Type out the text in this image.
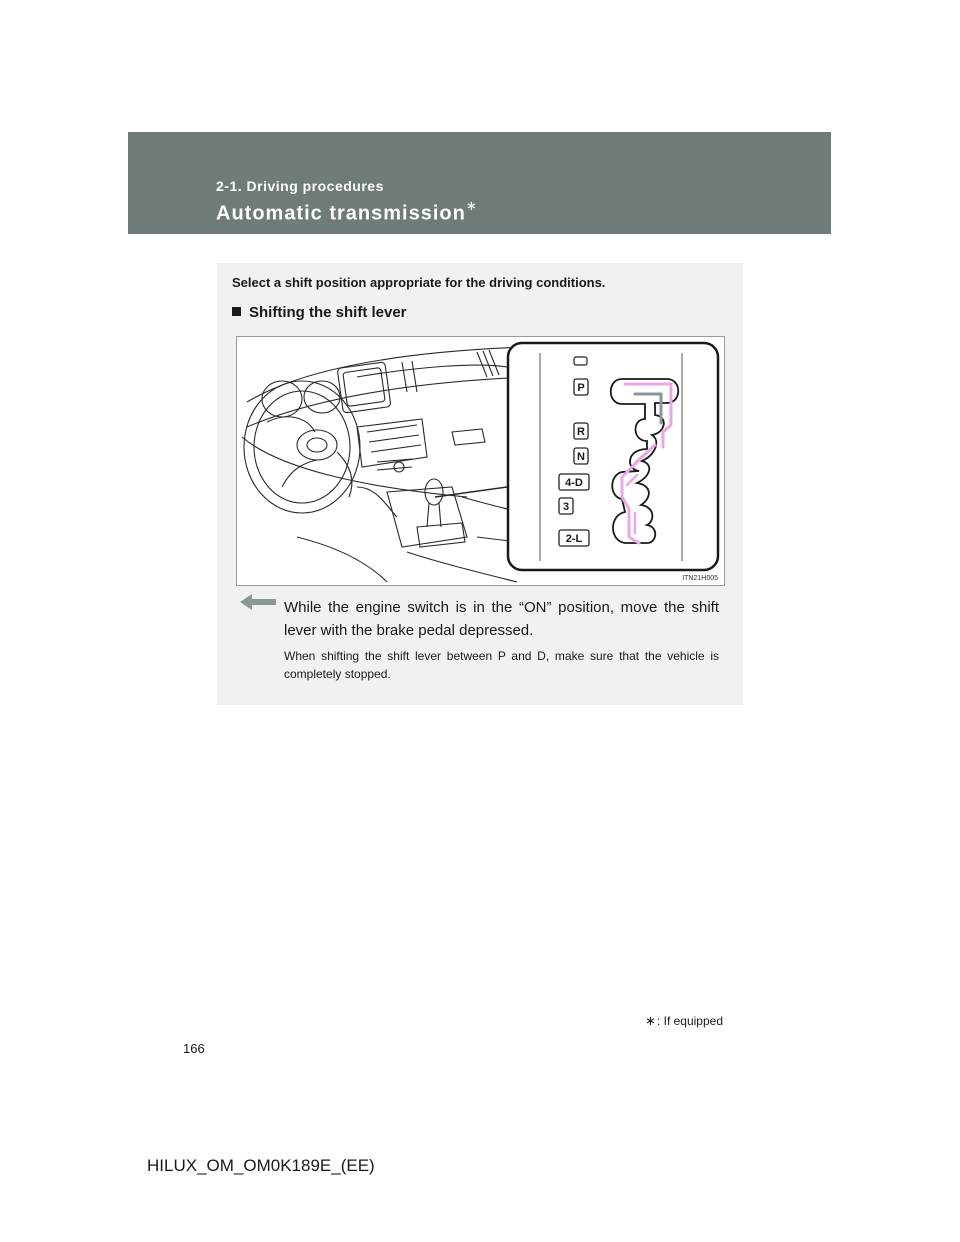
2-1. Driving procedures
Automatic transmission∗
Select a shift position appropriate for the driving conditions.
Shifting the shift lever
P
R
N
4-D
3
2-L
ITN21H005
While the engine switch is in the “ON” position, move the shift lever with the brake pedal depressed.
When shifting the shift lever between P and D, make sure that the vehicle is completely stopped.
∗: If equipped
166
HILUX_OM_OM0K189E_(EE)
